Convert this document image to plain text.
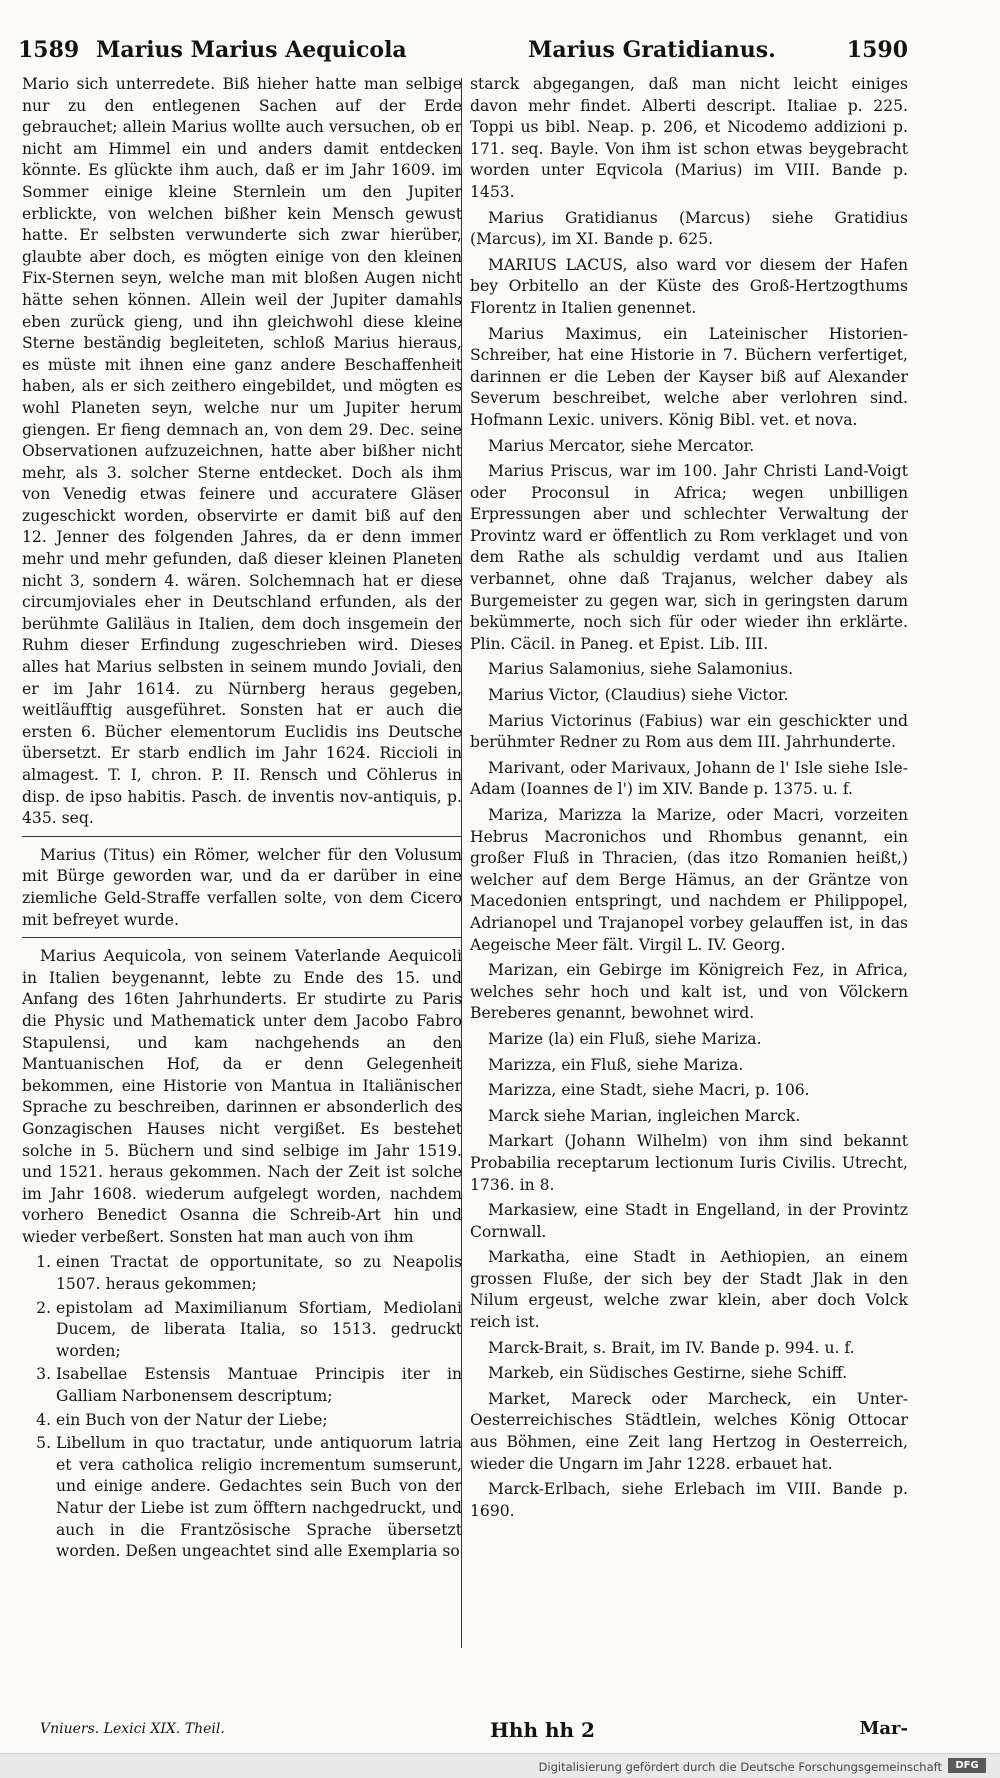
1589 Marius Marius Aequicola	Marius Gratidianus.	1590

Mario sich unterredete. Biß hieher hatte man selbige nur zu den entlegenen Sachen auf der Erde gebrauchet; allein Marius wollte auch versuchen, ob er nicht am Himmel ein und anders damit entdecken könnte. Es glückte ihm auch, daß er im Jahr 1609. im Sommer einige kleine Sternlein um den Jupiter erblickte, von welchen bißher kein Mensch gewust hatte. Er selbsten verwunderte sich zwar hierüber, glaubte aber doch, es mögten einige von den kleinen Fix-Sternen seyn, welche man mit bloßen Augen nicht hätte sehen können. Allein weil der Jupiter damahls eben zurück gieng, und ihn gleichwohl diese kleine Sterne beständig begleiteten, schloß Marius hieraus, es müste mit ihnen eine ganz andere Beschaffenheit haben, als er sich zeithero eingebildet, und mögten es wohl Planeten seyn, welche nur um Jupiter herum giengen. Er fieng demnach an, von dem 29. Dec. seine Observationen aufzuzeichnen, hatte aber bißher nicht mehr, als 3. solcher Sterne entdecket. Doch als ihm von Venedig etwas feinere und accuratere Gläser zugeschickt worden, observirte er damit biß auf den 12. Jenner des folgenden Jahres, da er denn immer mehr und mehr gefunden, daß dieser kleinen Planeten nicht 3, sondern 4. wären. Solchemnach hat er diese circumjoviales eher in Deutschland erfunden, als der berühmte Galiläus in Italien, dem doch insgemein der Ruhm dieser Erfindung zugeschrieben wird. Dieses alles hat Marius selbsten in seinem mundo Joviali, den er im Jahr 1614. zu Nürnberg heraus gegeben, weitläufftig ausgeführet. Sonsten hat er auch die ersten 6. Bücher elementorum Euclidis ins Deutsche übersetzt. Er starb endlich im Jahr 1624. Riccioli in almagest. T. I, chron. P. II. Rensch und Cöhlerus in disp. de ipso habitis. Pasch. de inventis nov-antiquis, p. 435. seq.

Marius (Titus) ein Römer, welcher für den Volusum mit Bürge geworden war, und da er darüber in eine ziemliche Geld-Straffe verfallen solte, von dem Cicero mit befreyet wurde.

Marius Aequicola, von seinem Vaterlande Aequicoli in Italien beygenannt, lebte zu Ende des 15. und Anfang des 16ten Jahrhunderts. Er studirte zu Paris die Physic und Mathematick unter dem Jacobo Fabro Stapulensi, und kam nachgehends an den Mantuanischen Hof, da er denn Gelegenheit bekommen, eine Historie von Mantua in Italiänischer Sprache zu beschreiben, darinnen er absonderlich des Gonzagischen Hauses nicht vergißet. Es bestehet solche in 5. Büchern und sind selbige im Jahr 1519. und 1521. heraus gekommen. Nach der Zeit ist solche im Jahr 1608. wiederum aufgelegt worden, nachdem vorhero Benedict Osanna die Schreib-Art hin und wieder verbeßert. Sonsten hat man auch von ihm

1. einen Tractat de opportunitate, so zu Neapolis 1507. heraus gekommen;
2. epistolam ad Maximilianum Sfortiam, Mediolani Ducem, de liberata Italia, so 1513. gedruckt worden;
3. Isabellae Estensis Mantuae Principis iter in Galliam Narbonensem descriptum;
4. ein Buch von der Natur der Liebe;
5. Libellum in quo tractatur, unde antiquorum latria et vera catholica religio incrementum sumserunt, und einige andere. Gedachtes sein Buch von der Natur der Liebe ist zum öfftern nachgedruckt, und auch in die Frantzösische Sprache übersetzt worden. Deßen ungeachtet sind alle Exemplaria so

starck abgegangen, daß man nicht leicht einiges davon mehr findet. Alberti descript. Italiae p. 225. Toppi us bibl. Neap. p. 206, et Nicodemo addizioni p. 171. seq. Bayle. Von ihm ist schon etwas beygebracht worden unter Eqvicola (Marius) im VIII. Bande p. 1453.

Marius Gratidianus (Marcus) siehe Gratidius (Marcus), im XI. Bande p. 625.

MARIUS LACUS, also ward vor diesem der Hafen bey Orbitello an der Küste des Groß-Hertzogthums Florentz in Italien genennet.

Marius Maximus, ein Lateinischer Historien-Schreiber, hat eine Historie in 7. Büchern verfertiget, darinnen er die Leben der Kayser biß auf Alexander Severum beschreibet, welche aber verlohren sind. Hofmann Lexic. univers. König Bibl. vet. et nova.

Marius Mercator, siehe Mercator.

Marius Priscus, war im 100. Jahr Christi Land-Voigt oder Proconsul in Africa; wegen unbilligen Erpressungen aber und schlechter Verwaltung der Provintz ward er öffentlich zu Rom verklaget und von dem Rathe als schuldig verdamt und aus Italien verbannet, ohne daß Trajanus, welcher dabey als Burgemeister zu gegen war, sich in geringsten darum bekümmerte, noch sich für oder wieder ihn erklärte. Plin. Cäcil. in Paneg. et Epist. Lib. III.

Marius Salamonius, siehe Salamonius.

Marius Victor, (Claudius) siehe Victor.

Marius Victorinus (Fabius) war ein geschickter und berühmter Redner zu Rom aus dem III. Jahrhunderte.

Marivant, oder Marivaux, Johann de l' Isle siehe Isle-Adam (Ioannes de l') im XIV. Bande p. 1375. u. f.

Mariza, Marizza la Marize, oder Macri, vorzeiten Hebrus Macronichos und Rhombus genannt, ein großer Fluß in Thracien, (das itzo Romanien heißt,) welcher auf dem Berge Hämus, an der Gräntze von Macedonien entspringt, und nachdem er Philippopel, Adrianopel und Trajanopel vorbey gelauffen ist, in das Aegeische Meer fält. Virgil L. IV. Georg.

Marizan, ein Gebirge im Königreich Fez, in Africa, welches sehr hoch und kalt ist, und von Völckern Bereberes genannt, bewohnet wird.

Marize (la) ein Fluß, siehe Mariza.

Marizza, ein Fluß, siehe Mariza.

Marizza, eine Stadt, siehe Macri, p. 106.

Marck siehe Marian, ingleichen Marck.

Markart (Johann Wilhelm) von ihm sind bekannt Probabilia receptarum lectionum Iuris Civilis. Utrecht, 1736. in 8.

Markasiew, eine Stadt in Engelland, in der Provintz Cornwall.

Markatha, eine Stadt in Aethiopien, an einem grossen Fluße, der sich bey der Stadt Jlak in den Nilum ergeust, welche zwar klein, aber doch Volck reich ist.

Marck-Brait, s. Brait, im IV. Bande p. 994. u. f.

Markeb, ein Südisches Gestirne, siehe Schiff.

Market, Mareck oder Marcheck, ein Unter-Oesterreichisches Städtlein, welches König Ottocar aus Böhmen, eine Zeit lang Hertzog in Oesterreich, wieder die Ungarn im Jahr 1228. erbauet hat.

Marck-Erlbach, siehe Erlebach im VIII. Bande p. 1690.

Vniuers. Lexici XIX. Theil.	Hhh hh 2	Mar-
Digitalisierung gefördert durch die Deutsche Forschungsgemeinschaft	DFG
